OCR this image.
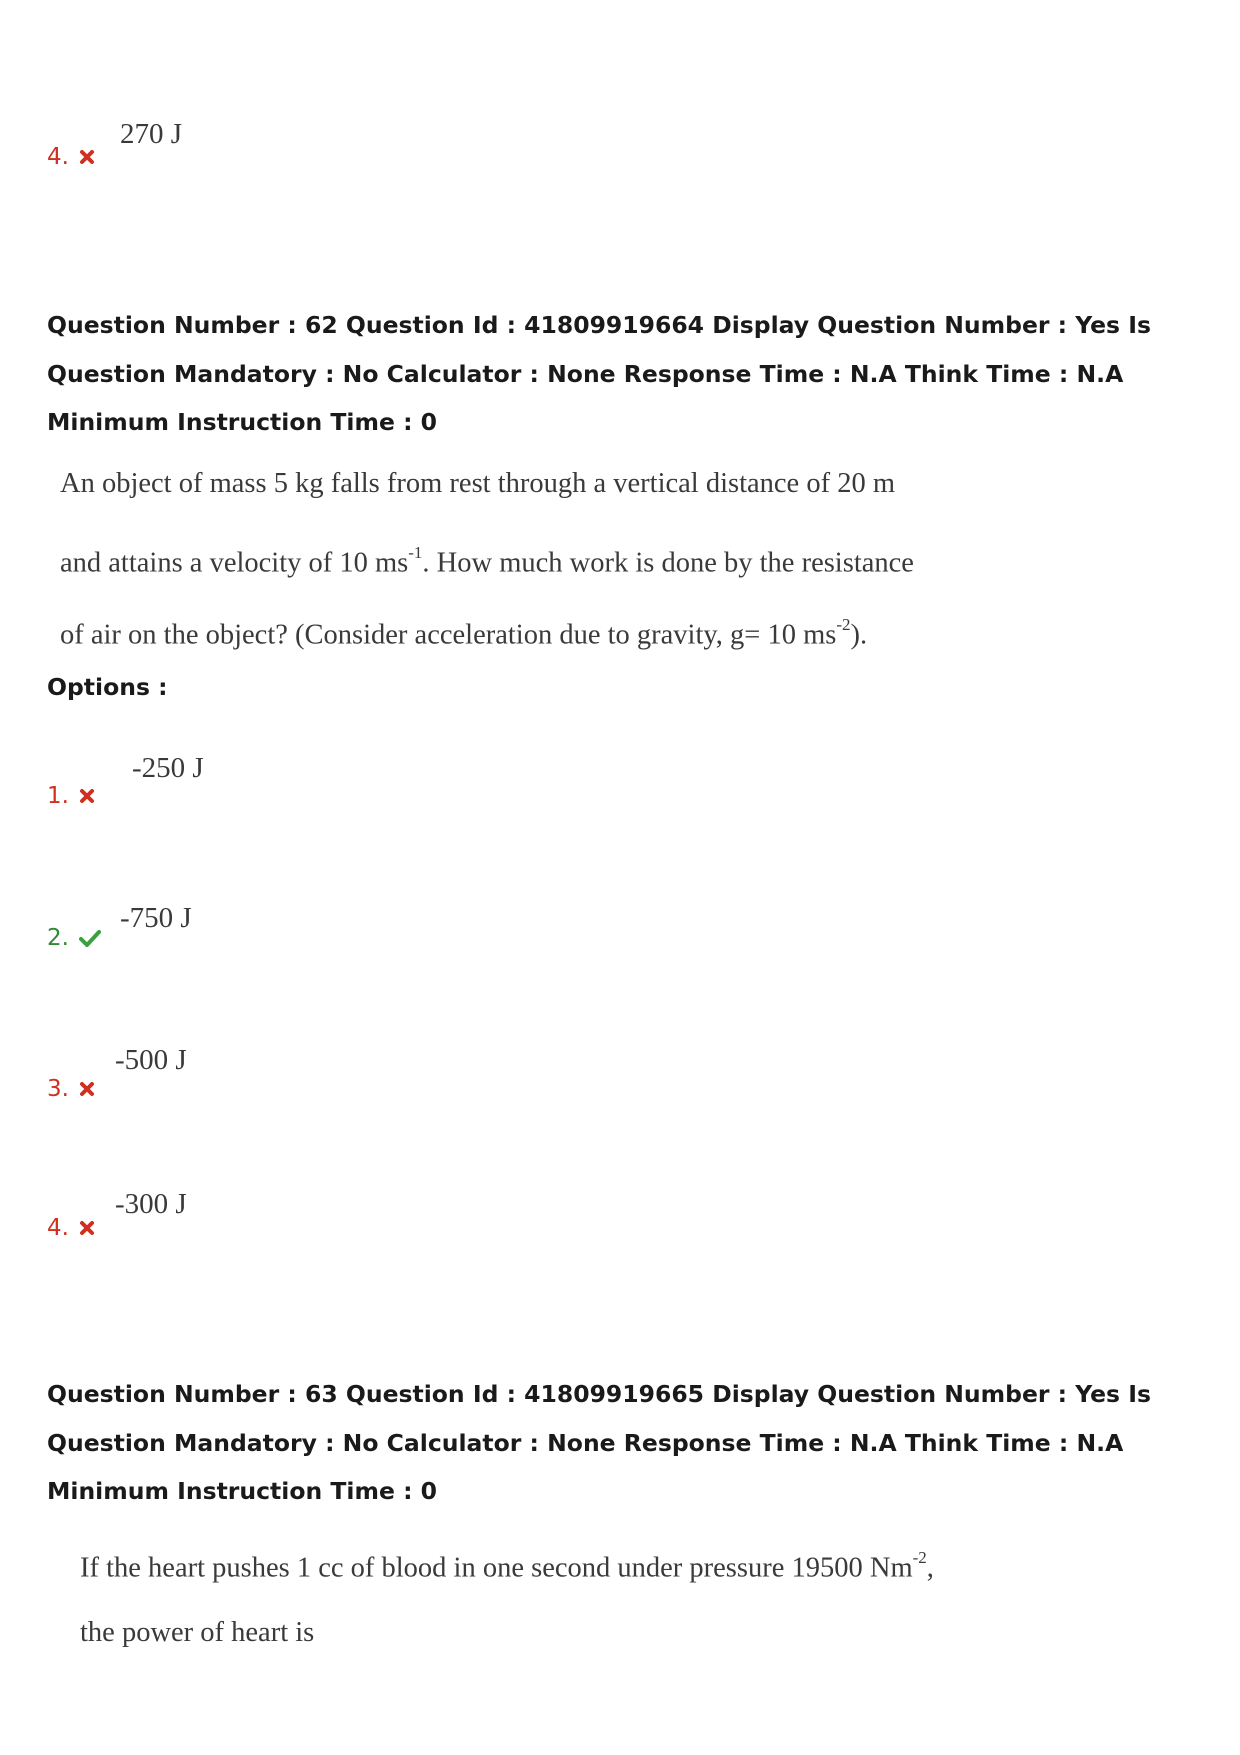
270 J
4.
Question Number : 62 Question Id : 41809919664 Display Question Number : Yes Is Question Mandatory : No Calculator : None Response Time : N.A Think Time : N.A Minimum Instruction Time : 0
An object of mass 5 kg falls from rest through a vertical distance of 20 m
and attains a velocity of 10 $ms^{-1}$. How much work is done by the resistance
of air on the object? (Consider acceleration due to gravity, g= 10 $ms^{-2}$).
Options :
-250 J
1.
-750 J
2.
-500 J
3.
-300 J
4.
Question Number : 63 Question Id : 41809919665 Display Question Number : Yes Is Question Mandatory : No Calculator : None Response Time : N.A Think Time : N.A Minimum Instruction Time : 0
If the heart pushes 1 cc of blood in one second under pressure 19500 $Nm^{-2}$,
the power of heart is
